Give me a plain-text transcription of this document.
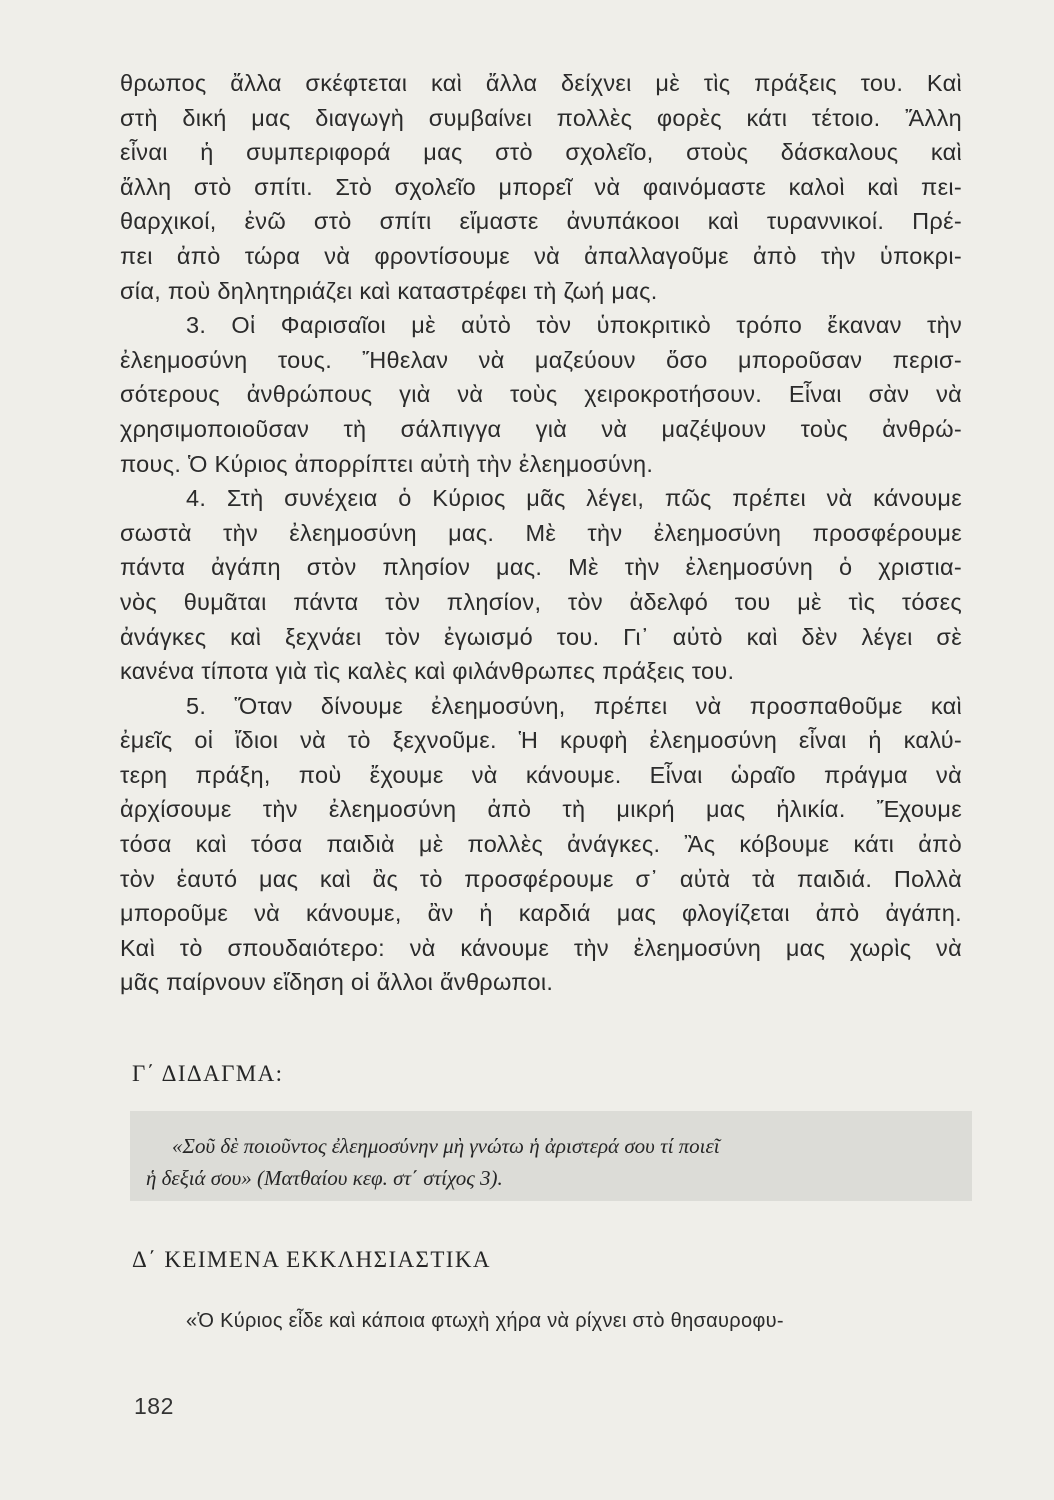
θρωπος ἄλλα σκέφτεται καὶ ἄλλα δείχνει μὲ τὶς πράξεις του. Καὶ
στὴ δική μας διαγωγὴ συμβαίνει πολλὲς φορὲς κάτι τέτοιο. Ἄλλη
εἶναι ἡ συμπεριφορά μας στὸ σχολεῖο, στοὺς δάσκαλους καὶ
ἄλλη στὸ σπίτι. Στὸ σχολεῖο μπορεῖ νὰ φαινόμαστε καλοὶ καὶ πει-
θαρχικοί, ἐνῶ στὸ σπίτι εἴμαστε ἀνυπάκοοι καὶ τυραννικοί. Πρέ-
πει ἀπὸ τώρα νὰ φροντίσουμε νὰ ἀπαλλαγοῦμε ἀπὸ τὴν ὑποκρι-
σία, ποὺ δηλητηριάζει καὶ καταστρέφει τὴ ζωή μας.
3. Οἱ Φαρισαῖοι μὲ αὐτὸ τὸν ὑποκριτικὸ τρόπο ἔκαναν τὴν
ἐλεημοσύνη τους. Ἤθελαν νὰ μαζεύουν ὅσο μποροῦσαν περισ-
σότερους ἀνθρώπους γιὰ νὰ τοὺς χειροκροτήσουν. Εἶναι σὰν νὰ
χρησιμοποιοῦσαν τὴ σάλπιγγα γιὰ νὰ μαζέψουν τοὺς ἀνθρώ-
πους. Ὁ Κύριος ἀπορρίπτει αὐτὴ τὴν ἐλεημοσύνη.
4. Στὴ συνέχεια ὁ Κύριος μᾶς λέγει, πῶς πρέπει νὰ κάνουμε
σωστὰ τὴν ἐλεημοσύνη μας. Μὲ τὴν ἐλεημοσύνη προσφέρουμε
πάντα ἀγάπη στὸν πλησίον μας. Μὲ τὴν ἐλεημοσύνη ὁ χριστια-
νὸς θυμᾶται πάντα τὸν πλησίον, τὸν ἀδελφό του μὲ τὶς τόσες
ἀνάγκες καὶ ξεχνάει τὸν ἐγωισμό του. Γι᾽ αὐτὸ καὶ δὲν λέγει σὲ
κανένα τίποτα γιὰ τὶς καλὲς καὶ φιλάνθρωπες πράξεις του.
5. Ὅταν δίνουμε ἐλεημοσύνη, πρέπει νὰ προσπαθοῦμε καὶ
ἐμεῖς οἱ ἴδιοι νὰ τὸ ξεχνοῦμε. Ἡ κρυφὴ ἐλεημοσύνη εἶναι ἡ καλύ-
τερη πράξη, ποὺ ἔχουμε νὰ κάνουμε. Εἶναι ὡραῖο πράγμα νὰ
ἀρχίσουμε τὴν ἐλεημοσύνη ἀπὸ τὴ μικρή μας ἡλικία. Ἔχουμε
τόσα καὶ τόσα παιδιὰ μὲ πολλὲς ἀνάγκες. Ἂς κόβουμε κάτι ἀπὸ
τὸν ἑαυτό μας καὶ ἂς τὸ προσφέρουμε σ᾽ αὐτὰ τὰ παιδιά. Πολλὰ
μποροῦμε νὰ κάνουμε, ἂν ἡ καρδιά μας φλογίζεται ἀπὸ ἀγάπη.
Καὶ τὸ σπουδαιότερο: νὰ κάνουμε τὴν ἐλεημοσύνη μας χωρὶς νὰ
μᾶς παίρνουν εἴδηση οἱ ἄλλοι ἄνθρωποι.
Γ΄ ΔΙΔΑΓΜΑ:
«Σοῦ δὲ ποιοῦντος ἐλεημοσύνην μὴ γνώτω ἡ ἀριστερά σου τί ποιεῖ
ἡ δεξιά σου» (Ματθαίου κεφ. στ΄ στίχος 3).
Δ΄ ΚΕΙΜΕΝΑ ΕΚΚΛΗΣΙΑΣΤΙΚΑ
«Ὁ Κύριος εἶδε καὶ κάποια φτωχὴ χήρα νὰ ρίχνει στὸ θησαυροφυ-
182
